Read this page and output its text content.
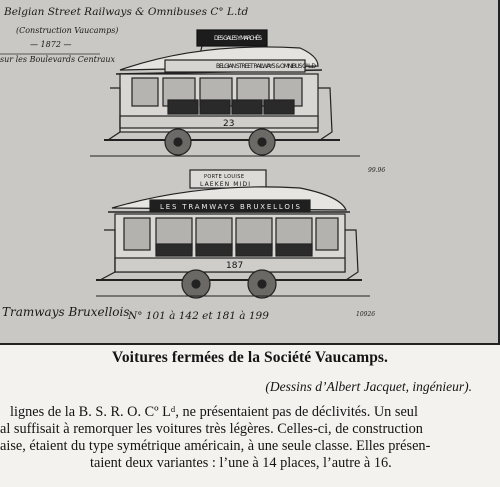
Belgian Street Railways & Omnibuses C° L.td
(Construction Vaucamps)
— 1872 —
sur les Boulevards Centraux
BELGIAN STREET RAILWAYS & OMNIBUS C° L.D
DES GALES Y MARCHÉS
23
99.96
PORTE LOUISE
LAEKEN MIDI
LES TRAMWAYS BRUXELLOIS
187
Tramways Bruxellois
N° 101 à 142 et 181 à 199	10926
Voitures fermées de la Société Vaucamps.
(Dessins d’Albert Jacquet, ingénieur).
lignes de la B. S. R. O. Cº Lᵈ, ne présentaient pas de déclivités. Un seul
al suffisait à remorquer les voitures très légères. Celles-ci, de construction
aise, étaient du type symétrique américain, à une seule classe. Elles présen-
taient deux variantes : l’une à 14 places, l’autre à 16.
